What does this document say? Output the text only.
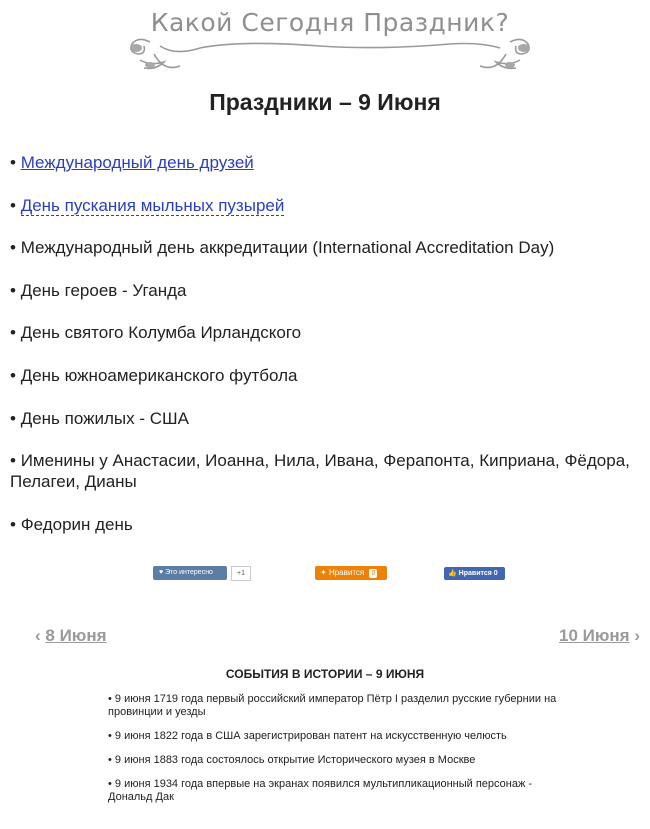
Какой Сегодня Праздник?
Праздники – 9 Июня
• Международный день друзей
• День пускания мыльных пузырей
• Международный день аккредитации (International Accreditation Day)
• День героев - Уганда
• День святого Колумба Ирландского
• День южноамериканского футбола
• День пожилых - США
• Именины у Анастасии, Иоанна, Нила, Ивана, Ферапонта, Киприана, Фёдора, Пелагеи, Дианы
• Федорин день
♥ Это интересно	+1	✦ Нравится 0	👍 Нравится 0
‹ 8 Июня	10 Июня ›
СОБЫТИЯ В ИСТОРИИ – 9 ИЮНЯ
• 9 июня 1719 года первый российский император Пётр I разделил русские губернии на провинции и уезды
• 9 июня 1822 года в США зарегистрирован патент на искусственную челюсть
• 9 июня 1883 года состоялось открытие Исторического музея в Москве
• 9 июня 1934 года впервые на экранах появился мультипликационный персонаж - Дональд Дак
